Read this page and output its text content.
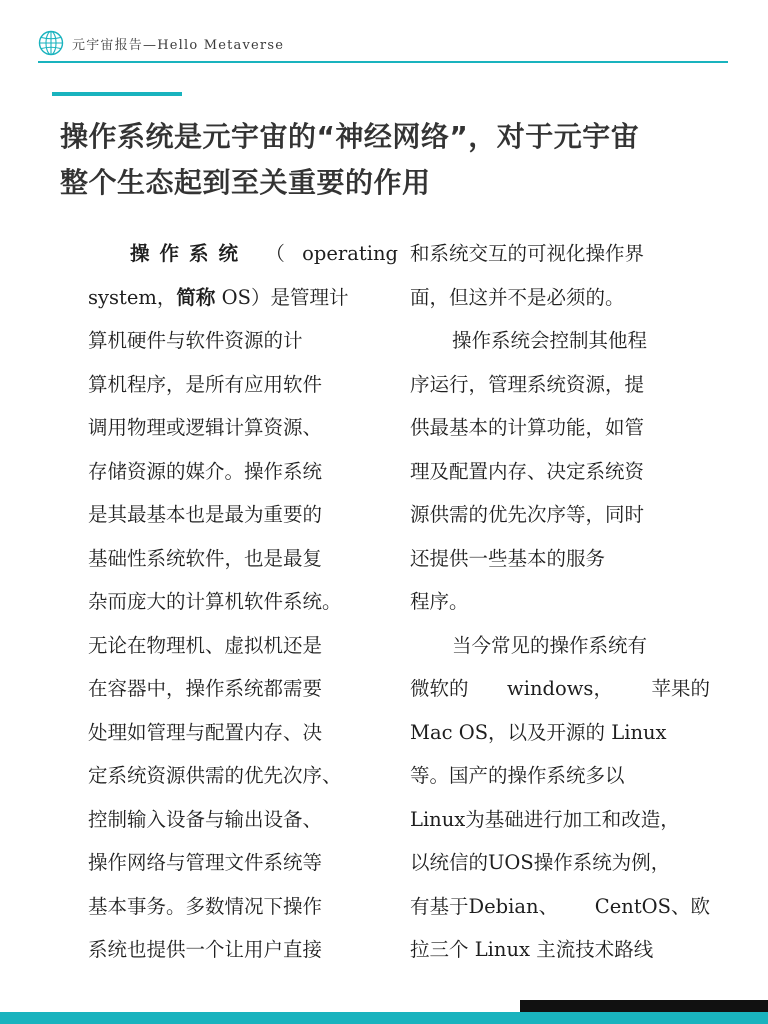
元宇宙报告—Hello Metaverse
操作系统是元宇宙的“神经网络”，对于元宇宙
整个生态起到至关重要的作用
操作系统 （ operating
system，简称 OS）是管理计
算机硬件与软件资源的计
算机程序，是所有应用软件
调用物理或逻辑计算资源、
存储资源的媒介。操作系统
是其最基本也是最为重要的
基础性系统软件，也是最复
杂而庞大的计算机软件系统。
无论在物理机、虚拟机还是
在容器中，操作系统都需要
处理如管理与配置内存、决
定系统资源供需的优先次序、
控制输入设备与输出设备、
操作网络与管理文件系统等
基本事务。多数情况下操作
系统也提供一个让用户直接
和系统交互的可视化操作界
面，但这并不是必须的。
操作系统会控制其他程
序运行，管理系统资源，提
供最基本的计算功能，如管
理及配置内存、决定系统资
源供需的优先次序等，同时
还提供一些基本的服务
程序。
当今常见的操作系统有
微软的 windows， 苹果的
Mac OS，以及开源的 Linux
等。国产的操作系统多以
Linux为基础进行加工和改造，
以统信的UOS操作系统为例，
有基于Debian、 CentOS、欧
拉三个 Linux 主流技术路线
